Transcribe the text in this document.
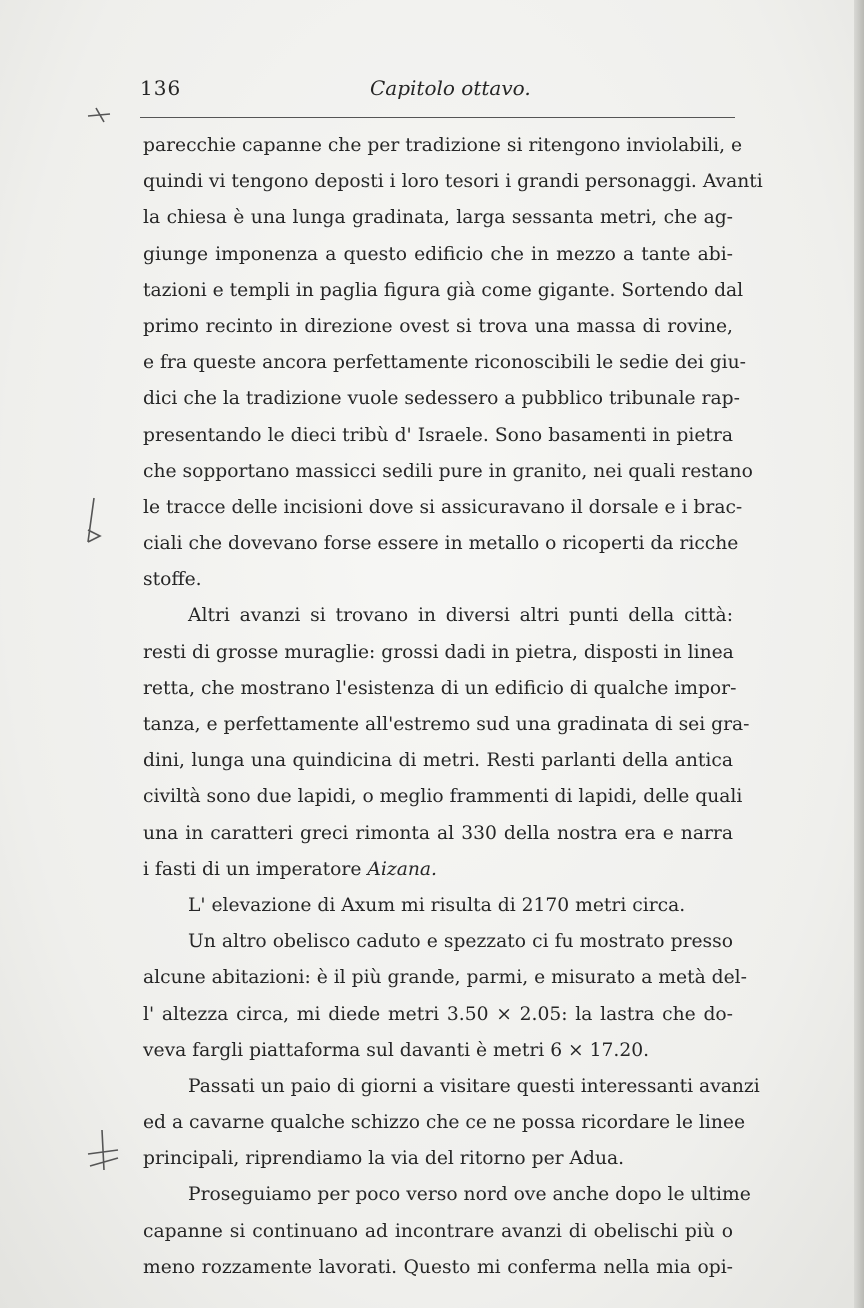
136	Capitolo ottavo.
parecchie capanne che per tradizione si ritengono inviolabili, e
quindi vi tengono deposti i loro tesori i grandi personaggi. Avanti
la chiesa è una lunga gradinata, larga sessanta metri, che ag-
giunge imponenza a questo edificio che in mezzo a tante abi-
tazioni e templi in paglia figura già come gigante. Sortendo dal
primo recinto in direzione ovest si trova una massa di rovine,
e fra queste ancora perfettamente riconoscibili le sedie dei giu-
dici che la tradizione vuole sedessero a pubblico tribunale rap-
presentando le dieci tribù d' Israele. Sono basamenti in pietra
che sopportano massicci sedili pure in granito, nei quali restano
le tracce delle incisioni dove si assicuravano il dorsale e i brac-
ciali che dovevano forse essere in metallo o ricoperti da ricche
stoffe.
Altri avanzi si trovano in diversi altri punti della città:
resti di grosse muraglie: grossi dadi in pietra, disposti in linea
retta, che mostrano l'esistenza di un edificio di qualche impor-
tanza, e perfettamente all'estremo sud una gradinata di sei gra-
dini, lunga una quindicina di metri. Resti parlanti della antica
civiltà sono due lapidi, o meglio frammenti di lapidi, delle quali
una in caratteri greci rimonta al 330 della nostra era e narra
i fasti di un imperatore Aizana.
L' elevazione di Axum mi risulta di 2170 metri circa.
Un altro obelisco caduto e spezzato ci fu mostrato presso
alcune abitazioni: è il più grande, parmi, e misurato a metà del-
l' altezza circa, mi diede metri 3.50 × 2.05: la lastra che do-
veva fargli piattaforma sul davanti è metri 6 × 17.20.
Passati un paio di giorni a visitare questi interessanti avanzi
ed a cavarne qualche schizzo che ce ne possa ricordare le linee
principali, riprendiamo la via del ritorno per Adua.
Proseguiamo per poco verso nord ove anche dopo le ultime
capanne si continuano ad incontrare avanzi di obelischi più o
meno rozzamente lavorati. Questo mi conferma nella mia opi-
